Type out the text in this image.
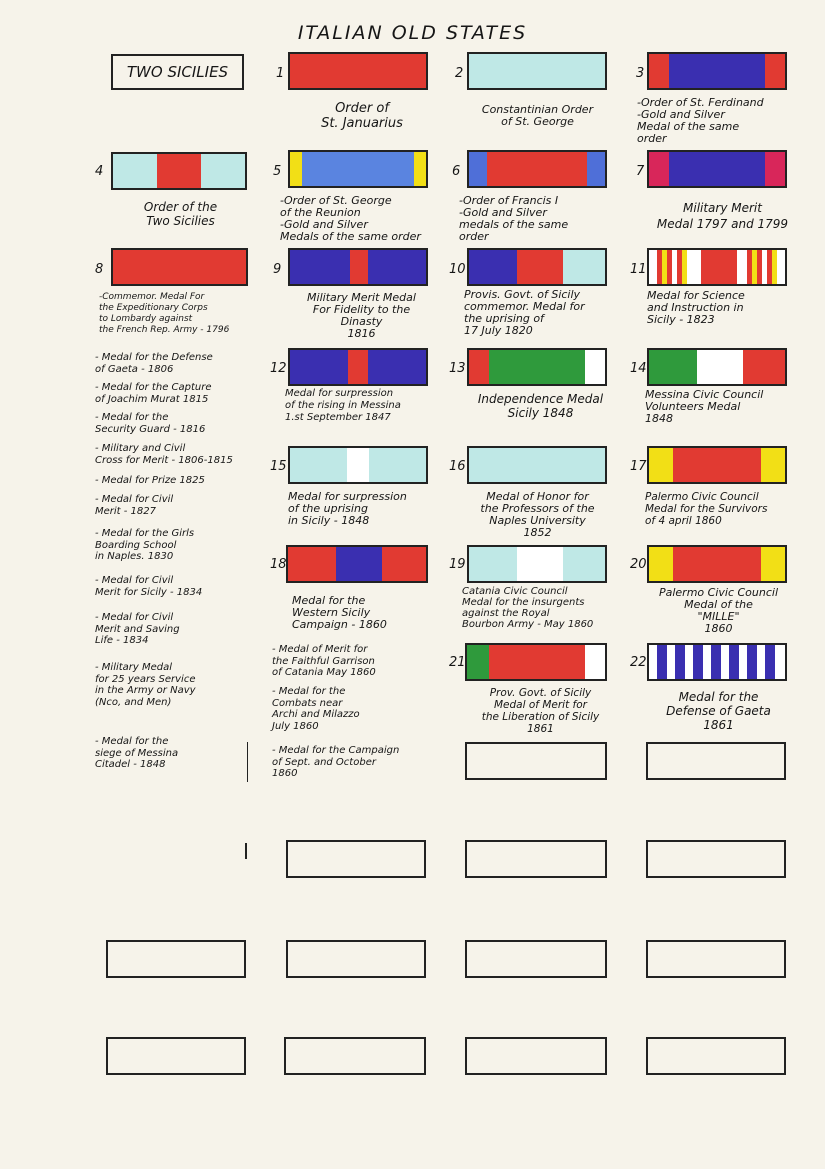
ITALIAN OLD STATES
TWO SICILIES	1	2	3
4	5	6	7
8	9	10	11
12	13	14
15	16	17
18	19	20
21	22
Order of
St. Januarius
Constantinian Order
of St. George
-Order of St. Ferdinand
-Gold and Silver
Medal of the same
order
Order of the
Two Sicilies
-Order of St. George
of the Reunion
-Gold and Silver
Medals of the same order
-Order of Francis I
-Gold and Silver
medals of the same
order
Military Merit
Medal 1797 and 1799
-Commemor. Medal For
the Expeditionary Corps
to Lombardy against
the French Rep. Army - 1796
Military Merit Medal
For Fidelity to the
Dinasty
1816
Provis. Govt. of Sicily
commemor. Medal for
the uprising of
17 July 1820
Medal for Science
and Instruction in
Sicily - 1823
Medal for surpression
of the rising in Messina
1.st September 1847
Independence Medal
Sicily 1848
Messina Civic Council
Volunteers Medal
1848
Medal for surpression
of the uprising
in Sicily - 1848
Medal of Honor for
the Professors of the
Naples University
1852
Palermo Civic Council
Medal for the Survivors
of 4 april 1860
Medal for the
Western Sicily
Campaign - 1860
Catania Civic Council
Medal for the insurgents
against the Royal
Bourbon Army - May 1860
Palermo Civic Council
Medal of the
"MILLE"
1860
Prov. Govt. of Sicily
Medal of Merit for
the Liberation of Sicily
1861
Medal for the
Defense of Gaeta
1861
- Medal for the Defense
of Gaeta - 1806
- Medal for the Capture
of Joachim Murat 1815
- Medal for the
Security Guard - 1816
- Military and Civil
Cross for Merit - 1806-1815
- Medal for Prize 1825
- Medal for Civil
Merit - 1827
- Medal for the Girls
Boarding School
in Naples. 1830
- Medal for Civil
Merit for Sicily - 1834
- Medal for Civil
Merit and Saving
Life - 1834
- Military Medal
for 25 years Service
in the Army or Navy
(Nco, and Men)
- Medal for the
siege of Messina
Citadel - 1848
- Medal of Merit for
the Faithful Garrison
of Catania May 1860
- Medal for the
Combats near
Archi and Milazzo
July 1860
- Medal for the Campaign
of Sept. and October
1860
